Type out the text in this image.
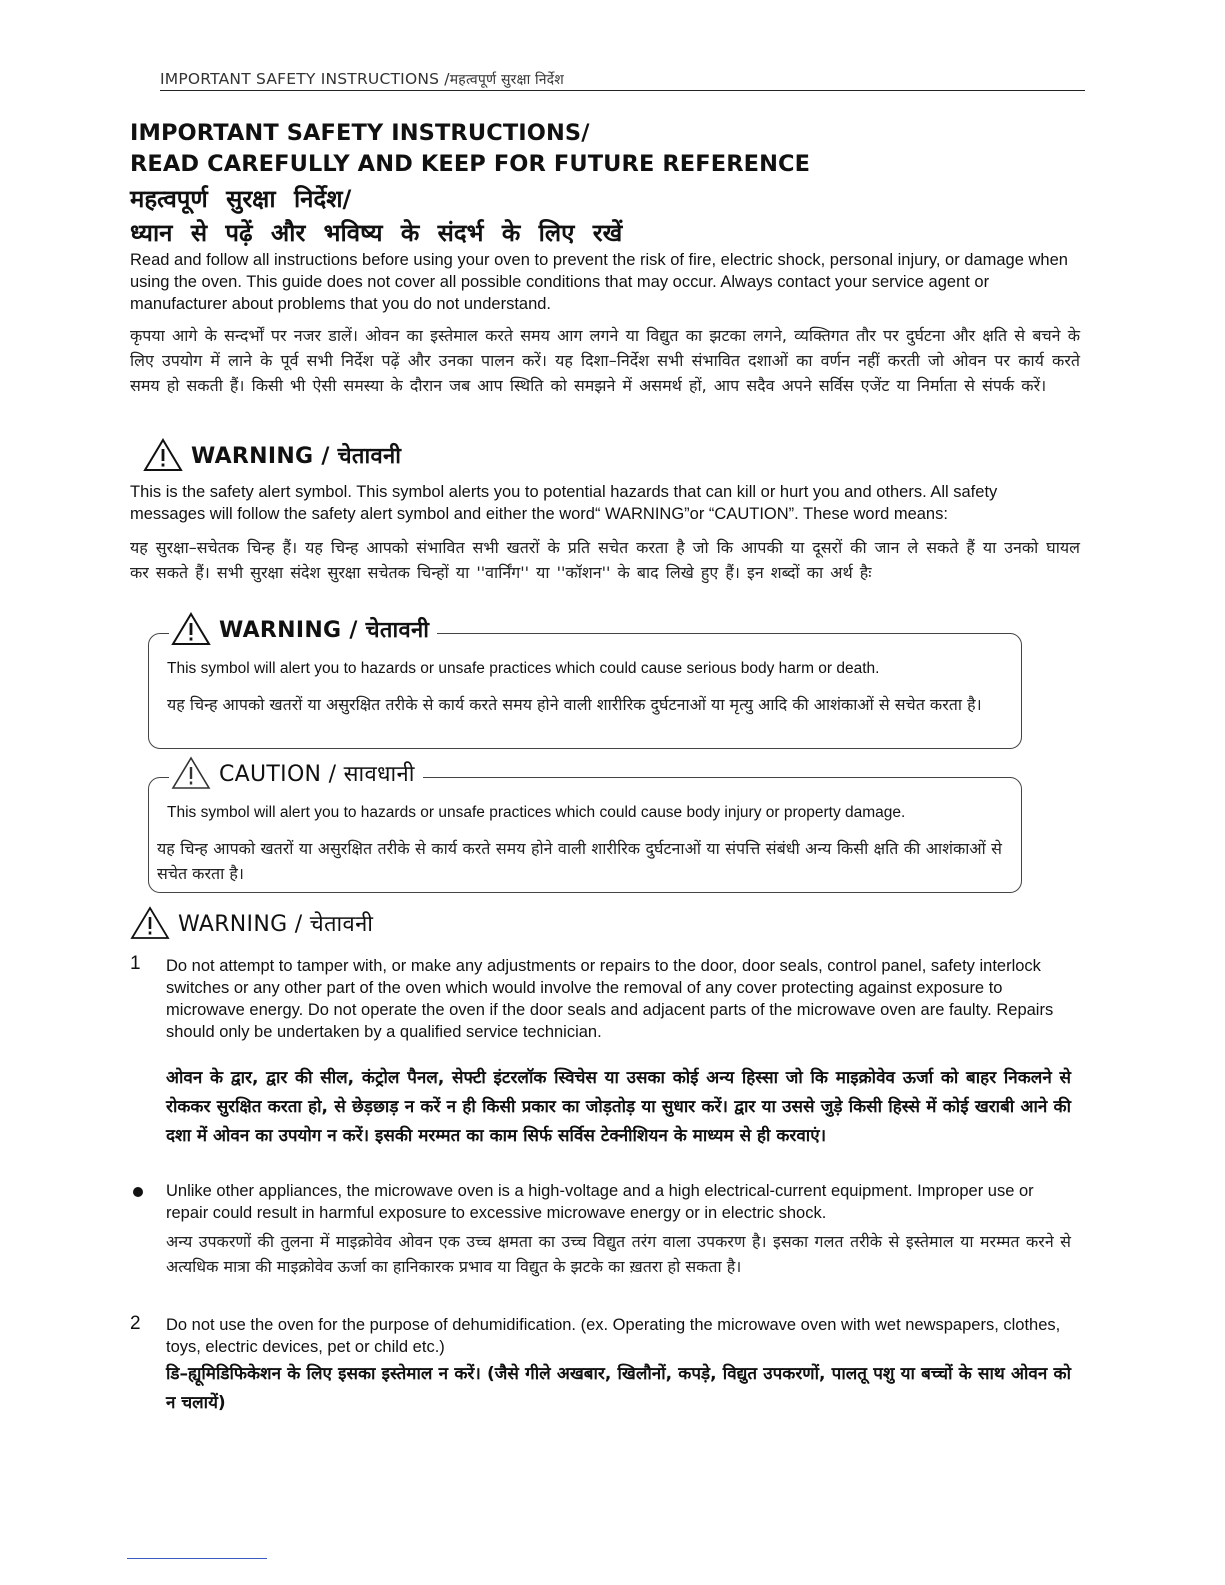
IMPORTANT SAFETY INSTRUCTIONS /महत्वपूर्ण सुरक्षा निर्देश
IMPORTANT SAFETY INSTRUCTIONS/
READ CAREFULLY AND KEEP FOR FUTURE REFERENCE
महत्वपूर्ण सुरक्षा निर्देश/
ध्यान से पढ़ें और भविष्य के संदर्भ के लिए रखें
Read and follow all instructions before using your oven to prevent the risk of fire, electric shock, personal injury, or damage when using the oven. This guide does not cover all possible conditions that may occur. Always contact your service agent or manufacturer about problems that you do not understand.
कृपया आगे के सन्दर्भों पर नजर डालें। ओवन का इस्तेमाल करते समय आग लगने या विद्युत का झटका लगने, व्यक्तिगत तौर पर दुर्घटना और क्षति से बचने के लिए उपयोग में लाने के पूर्व सभी निर्देश पढ़ें और उनका पालन करें। यह दिशा–निर्देश सभी संभावित दशाओं का वर्णन नहीं करती जो ओवन पर कार्य करते समय हो सकती हैं। किसी भी ऐसी समस्या के दौरान जब आप स्थिति को समझने में असमर्थ हों, आप सदैव अपने सर्विस एजेंट या निर्माता से संपर्क करें।
WARNING / चेतावनी
This is the safety alert symbol. This symbol alerts you to potential hazards that can kill or hurt you and others. All safety messages will follow the safety alert symbol and either the word“ WARNING”or “CAUTION”. These word means:
यह सुरक्षा–सचेतक चिन्ह हैं। यह चिन्ह आपको संभावित सभी खतरों के प्रति सचेत करता है जो कि आपकी या दूसरों की जान ले सकते हैं या उनको घायल कर सकते हैं। सभी सुरक्षा संदेश सुरक्षा सचेतक चिन्हों या ''वार्निंग'' या ''कॉशन'' के बाद लिखे हुए हैं। इन शब्दों का अर्थ हैः
WARNING / चेतावनी
This symbol will alert you to hazards or unsafe practices which could cause serious body harm or death.
यह चिन्ह आपको खतरों या असुरक्षित तरीके से कार्य करते समय होने वाली शारीरिक दुर्घटनाओं या मृत्यु आदि की आशंकाओं से सचेत करता है।
CAUTION / सावधानी
This symbol will alert you to hazards or unsafe practices which could cause body injury or property damage.
यह चिन्ह आपको खतरों या असुरक्षित तरीके से कार्य करते समय होने वाली शारीरिक दुर्घटनाओं या संपत्ति संबंधी अन्य किसी क्षति की आशंकाओं से सचेत करता है।
WARNING / चेतावनी
1 Do not attempt to tamper with, or make any adjustments or repairs to the door, door seals, control panel, safety interlock switches or any other part of the oven which would involve the removal of any cover protecting against exposure to microwave energy. Do not operate the oven if the door seals and adjacent parts of the microwave oven are faulty. Repairs should only be undertaken by a qualified service technician.
ओवन के द्वार, द्वार की सील, कंट्रोल पैनल, सेफ्टी इंटरलॉक स्विचेस या उसका कोई अन्य हिस्सा जो कि माइक्रोवेव ऊर्जा को बाहर निकलने से रोककर सुरक्षित करता हो, से छेड़छाड़ न करें न ही किसी प्रकार का जोड़तोड़ या सुधार करें। द्वार या उससे जुड़े किसी हिस्से में कोई खराबी आने की दशा में ओवन का उपयोग न करें। इसकी मरम्मत का काम सिर्फ सर्विस टेक्नीशियन के माध्यम से ही करवाएं।
Unlike other appliances, the microwave oven is a high-voltage and a high electrical-current equipment. Improper use or repair could result in harmful exposure to excessive microwave energy or in electric shock.
अन्य उपकरणों की तुलना में माइक्रोवेव ओवन एक उच्च क्षमता का उच्च विद्युत तरंग वाला उपकरण है। इसका गलत तरीके से इस्तेमाल या मरम्मत करने से अत्यधिक मात्रा की माइक्रोवेव ऊर्जा का हानिकारक प्रभाव या विद्युत के झटके का ख़तरा हो सकता है।
2 Do not use the oven for the purpose of dehumidification. (ex. Operating the microwave oven with wet newspapers, clothes, toys, electric devices, pet or child etc.)
डि–ह्यूमिडिफिकेशन के लिए इसका इस्तेमाल न करें। (जैसे गीले अखबार, खिलौनों, कपड़े, विद्युत उपकरणों, पालतू पशु या बच्चों के साथ ओवन को न चलायें)
